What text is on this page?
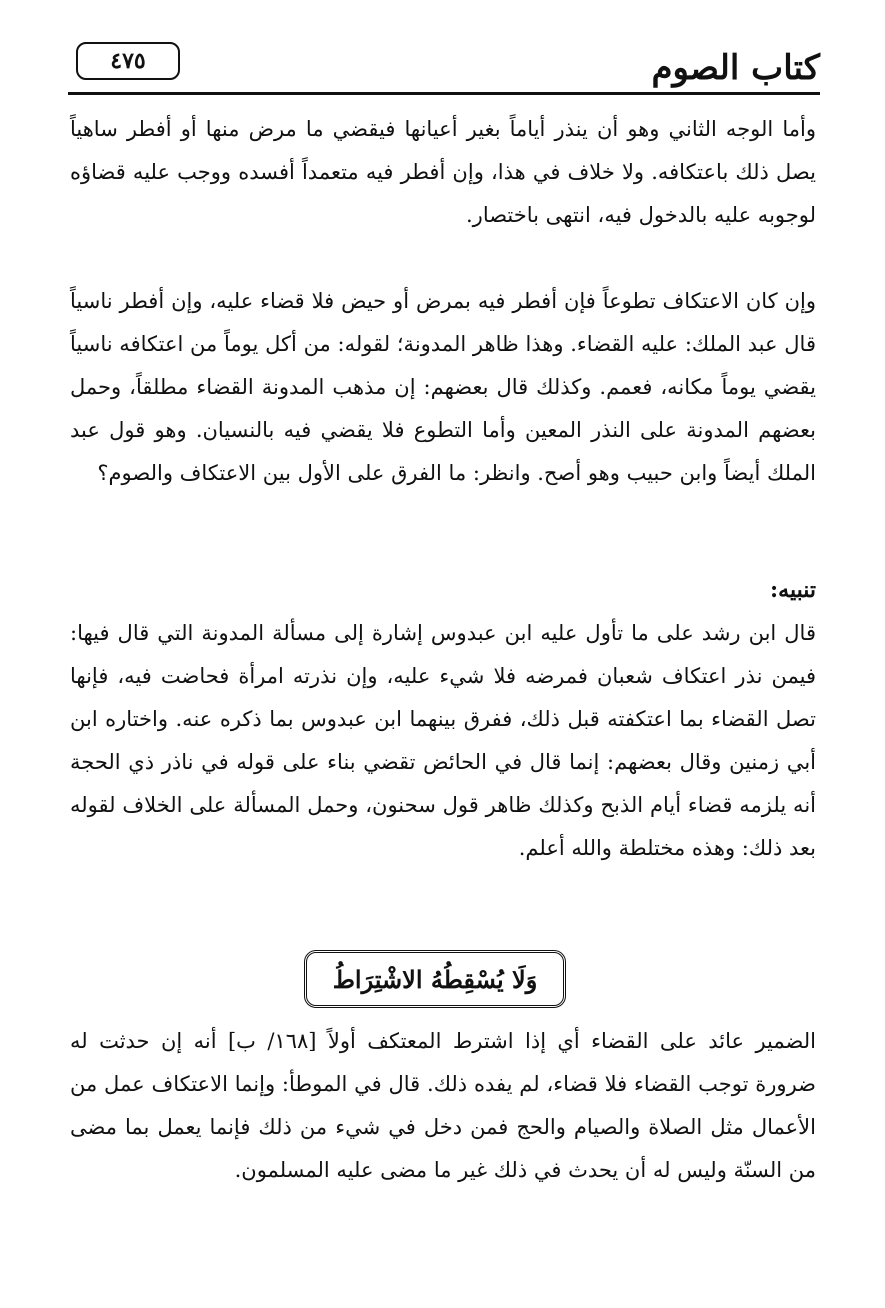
كتاب الصوم
٤٧٥

وأما الوجه الثاني وهو أن ينذر أياماً بغير أعيانها فيقضي ما مرض منها أو أفطر ساهياً يصل ذلك باعتكافه. ولا خلاف في هذا، وإن أفطر فيه متعمداً أفسده ووجب عليه قضاؤه لوجوبه عليه بالدخول فيه، انتهى باختصار.

وإن كان الاعتكاف تطوعاً فإن أفطر فيه بمرض أو حيض فلا قضاء عليه، وإن أفطر ناسياً قال عبد الملك: عليه القضاء. وهذا ظاهر المدونة؛ لقوله: من أكل يوماً من اعتكافه ناسياً يقضي يوماً مكانه، فعمم. وكذلك قال بعضهم: إن مذهب المدونة القضاء مطلقاً، وحمل بعضهم المدونة على النذر المعين وأما التطوع فلا يقضي فيه بالنسيان. وهو قول عبد الملك أيضاً وابن حبيب وهو أصح. وانظر: ما الفرق على الأول بين الاعتكاف والصوم؟

تنبيه:

قال ابن رشد على ما تأول عليه ابن عبدوس إشارة إلى مسألة المدونة التي قال فيها: فيمن نذر اعتكاف شعبان فمرضه فلا شيء عليه، وإن نذرته امرأة فحاضت فيه، فإنها تصل القضاء بما اعتكفته قبل ذلك، ففرق بينهما ابن عبدوس بما ذكره عنه. واختاره ابن أبي زمنين وقال بعضهم: إنما قال في الحائض تقضي بناء على قوله في ناذر ذي الحجة أنه يلزمه قضاء أيام الذبح وكذلك ظاهر قول سحنون، وحمل المسألة على الخلاف لقوله بعد ذلك: وهذه مختلطة والله أعلم.

وَلَا يُسْقِطُهُ الاشْتِرَاطُ

الضمير عائد على القضاء أي إذا اشترط المعتكف أولاً [١٦٨/ ب] أنه إن حدثت له ضرورة توجب القضاء فلا قضاء، لم يفده ذلك. قال في الموطأ: وإنما الاعتكاف عمل من الأعمال مثل الصلاة والصيام والحج فمن دخل في شيء من ذلك فإنما يعمل بما مضى من السنّة وليس له أن يحدث في ذلك غير ما مضى عليه المسلمون.
